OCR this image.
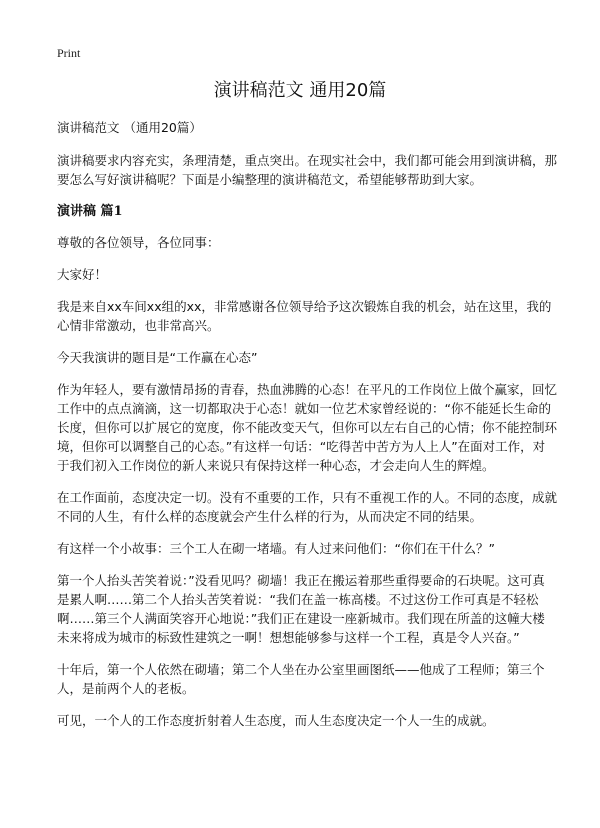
Print
演讲稿范文 通用20篇

演讲稿范文 （通用20篇）

演讲稿要求内容充实，条理清楚，重点突出。在现实社会中，我们都可能会用到演讲稿，那要怎么写好演讲稿呢？下面是小编整理的演讲稿范文，希望能够帮助到大家。

演讲稿 篇1

尊敬的各位领导，各位同事：

大家好！

我是来自xx车间xx组的xx，非常感谢各位领导给予这次锻炼自我的机会，站在这里，我的心情非常激动，也非常高兴。

今天我演讲的题目是“工作赢在心态”

作为年轻人，要有激情昂扬的青春，热血沸腾的心态！在平凡的工作岗位上做个赢家，回忆工作中的点点滴滴，这一切都取决于心态！就如一位艺术家曾经说的：“你不能延长生命的长度，但你可以扩展它的宽度，你不能改变天气，但你可以左右自己的心情；你不能控制环境，但你可以调整自己的心态。”有这样一句话：“吃得苦中苦方为人上人”在面对工作，对于我们初入工作岗位的新人来说只有保持这样一种心态，才会走向人生的辉煌。

在工作面前，态度决定一切。没有不重要的工作，只有不重视工作的人。不同的态度，成就不同的人生，有什么样的态度就会产生什么样的行为，从而决定不同的结果。

有这样一个小故事：三个工人在砌一堵墙。有人过来问他们：“你们在干什么？”

第一个人抬头苦笑着说：”没看见吗？砌墙！我正在搬运着那些重得要命的石块呢。这可真是累人啊……第二个人抬头苦笑着说：“我们在盖一栋高楼。不过这份工作可真是不轻松啊……第三个人满面笑容开心地说：”我们正在建设一座新城市。我们现在所盖的这幢大楼未来将成为城市的标致性建筑之一啊！想想能够参与这样一个工程，真是令人兴奋。”

十年后，第一个人依然在砌墙；第二个人坐在办公室里画图纸——他成了工程师；第三个人，是前两个人的老板。

可见，一个人的工作态度折射着人生态度，而人生态度决定一个人一生的成就。
